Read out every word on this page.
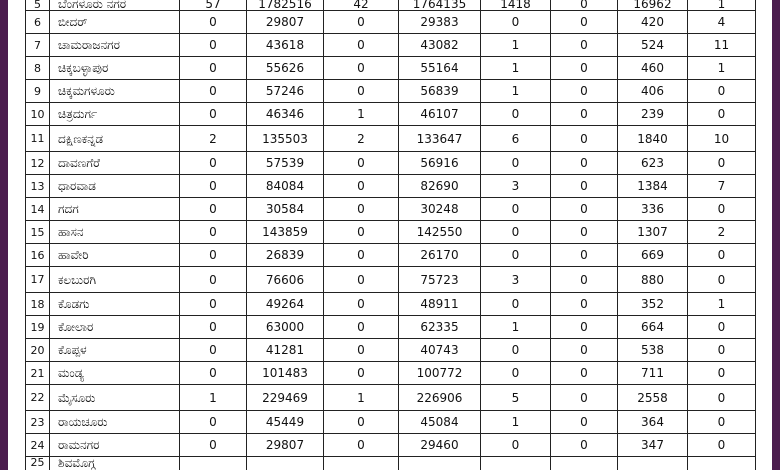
5	ಬೆಂಗಳೂರು ನಗರ	57	1782516	42	1764135	1418	0	16962	1
6	ಬೀದರ್	0	29807	0	29383	0	0	420	4
7	ಚಾಮರಾಜನಗರ	0	43618	0	43082	1	0	524	11
8	ಚಿಕ್ಕಬಳ್ಳಾಪುರ	0	55626	0	55164	1	0	460	1
9	ಚಿಕ್ಕಮಗಳೂರು	0	57246	0	56839	1	0	406	0
10	ಚಿತ್ರದುರ್ಗ	0	46346	1	46107	0	0	239	0
11	ದಕ್ಷಿಣಕನ್ನಡ	2	135503	2	133647	6	0	1840	10
12	ದಾವಣಗೆರೆ	0	57539	0	56916	0	0	623	0
13	ಧಾರವಾಡ	0	84084	0	82690	3	0	1384	7
14	ಗದಗ	0	30584	0	30248	0	0	336	0
15	ಹಾಸನ	0	143859	0	142550	0	0	1307	2
16	ಹಾವೇರಿ	0	26839	0	26170	0	0	669	0
17	ಕಲಬುರಗಿ	0	76606	0	75723	3	0	880	0
18	ಕೊಡಗು	0	49264	0	48911	0	0	352	1
19	ಕೋಲಾರ	0	63000	0	62335	1	0	664	0
20	ಕೊಪ್ಪಳ	0	41281	0	40743	0	0	538	0
21	ಮಂಡ್ಯ	0	101483	0	100772	0	0	711	0
22	ಮೈಸೂರು	1	229469	1	226906	5	0	2558	0
23	ರಾಯಚೂರು	0	45449	0	45084	1	0	364	0
24	ರಾಮನಗರ	0	29807	0	29460	0	0	347	0
25	ಶಿವಮೊಗ್ಗ								
